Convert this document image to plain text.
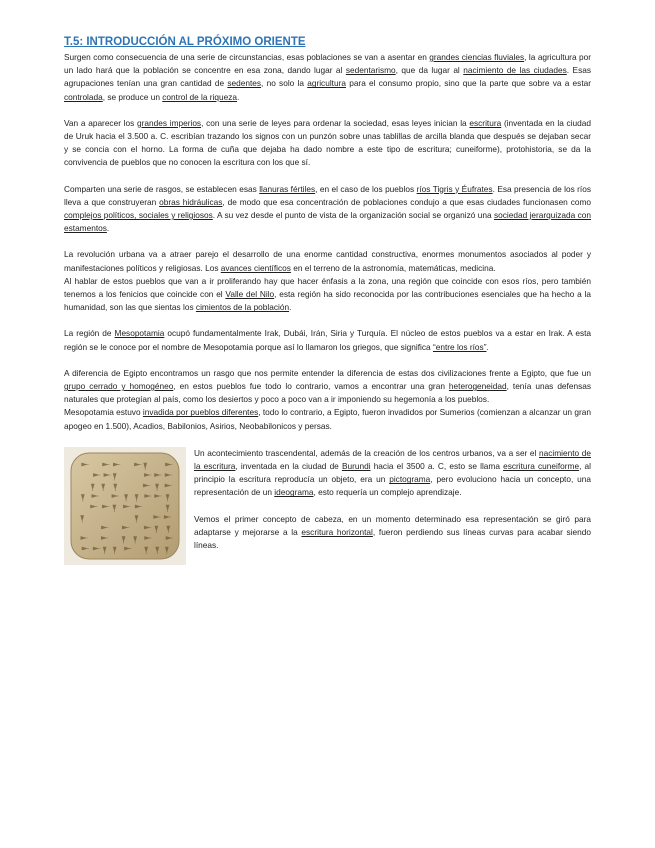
T.5: INTRODUCCIÓN AL PRÓXIMO ORIENTE

Surgen como consecuencia de una serie de circunstancias, esas poblaciones se van a asentar en grandes ciencias fluviales, la agricultura por un lado hará que la población se concentre en esa zona, dando lugar al sedentarismo, que da lugar al nacimiento de las ciudades. Esas agrupaciones tenían una gran cantidad de sedentes, no solo la agricultura para el consumo propio, sino que la parte que sobre va a estar controlada, se produce un control de la riqueza.

Van a aparecer los grandes imperios, con una serie de leyes para ordenar la sociedad, esas leyes inician la escritura (inventada en la ciudad de Uruk hacia el 3.500 a. C. escribían trazando los signos con un punzón sobre unas tablillas de arcilla blanda que después se dejaban secar y se concia con el horno. La forma de cuña que dejaba ha dado nombre a este tipo de escritura; cuneiforme), protohistoria, se da la convivencia de pueblos que no conocen la escritura con los que sí.

Comparten una serie de rasgos, se establecen esas llanuras fértiles, en el caso de los pueblos ríos Tigris y Éufrates. Esa presencia de los ríos lleva a que construyeran obras hidráulicas, de modo que esa concentración de poblaciones condujo a que esas ciudades funcionasen como complejos políticos, sociales y religiosos. A su vez desde el punto de vista de la organización social se organizó una sociedad jerarquizada con estamentos.

La revolución urbana va a atraer parejo el desarrollo de una enorme cantidad constructiva, enormes monumentos asociados al poder y manifestaciones políticos y religiosas. Los avances científicos en el terreno de la astronomía, matemáticas, medicina.

Al hablar de estos pueblos que van a ir proliferando hay que hacer énfasis a la zona, una región que coincide con esos ríos, pero también tenemos a los fenicios que coincide con el Valle del Nilo, esta región ha sido reconocida por las contribuciones esenciales que ha hecho a la humanidad, son las que sientas los cimientos de la población.

La región de Mesopotamia ocupó fundamentalmente Irak, Dubái, Irán, Siria y Turquía. El núcleo de estos pueblos va a estar en Irak. A esta región se le conoce por el nombre de Mesopotamia porque así lo llamaron los griegos, que significa “entre los ríos”.

A diferencia de Egipto encontramos un rasgo que nos permite entender la diferencia de estas dos civilizaciones frente a Egipto, que fue un grupo cerrado y homogéneo, en estos pueblos fue todo lo contrario, vamos a encontrar una gran heterogeneidad, tenía unas defensas naturales que protegían al país, como los desiertos y poco a poco van a ir imponiendo su hegemonía a los pueblos.

Mesopotamia estuvo invadida por pueblos diferentes, todo lo contrario, a Egipto, fueron invadidos por Sumerios (comienzan a alcanzar un gran apogeo en 1.500), Acadios, Babilonios, Asirios, Neobabilonicos y persas.

Un acontecimiento trascendental, además de la creación de los centros urbanos, va a ser el nacimiento de la escritura, inventada en la ciudad de Burundi hacia el 3500 a. C, esto se llama escritura cuneiforme, al principio la escritura reproducía un objeto, era un pictograma, pero evoluciono hacia un concepto, una representación de un ideograma, esto requería un complejo aprendizaje.

Vemos el primer concepto de cabeza, en un momento determinado esa representación se giró para adaptarse y mejorarse a la escritura horizontal, fueron perdiendo sus líneas curvas para acabar siendo líneas.
